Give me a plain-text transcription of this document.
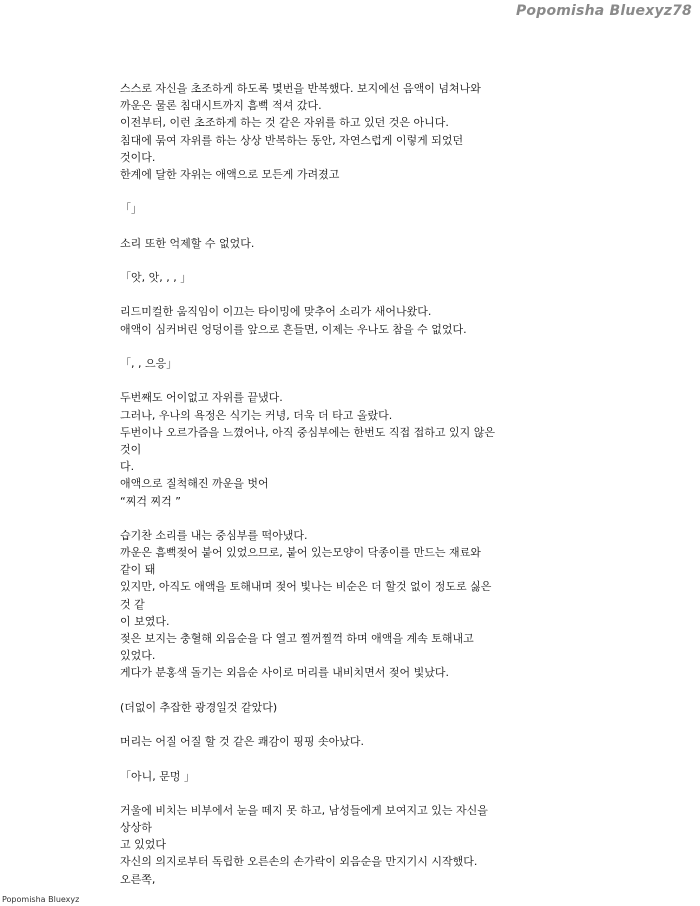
Popomisha Bluexyz78
스스로 자신을 초조하게 하도록 몇번을 반복했다. 보지에선 음액이 넘쳐나와
까운은 물론 침대시트까지 흠뻑 적셔 갔다.
이전부터, 이런 초조하게 하는 것 같은 자위를 하고 있던 것은 아니다.
침대에 묶여 자위를 하는 상상 반복하는 동안, 자연스럽게 이렇게 되었던
것이다.
한계에 달한 자위는 애액으로 모든게 가려졌고
「」
소리 또한 억제할 수 없었다.
「앗, 앗, , , 」
리드미컬한 움직임이 이끄는 타이밍에 맞추어 소리가 새어나왔다.
애액이 심커버린 엉덩이를 앞으로 흔들면, 이제는 우나도 참을 수 없었다.
「, , 으응」
두번째도 어이없고 자위를 끝냈다.
그러나, 우나의 욕정은 식기는 커녕, 더욱 더 타고 올랐다.
두번이나 오르가즘을 느꼈어나, 아직 중심부에는 한번도 직접 접하고 있지 않은
것이
다.
애액으로 질척해진 까운을 벗어
“찌걱 찌걱 ”
습기찬 소리를 내는 중심부를 떡아냈다.
까운은 흠뻑젖어 붙어 있었으므로, 붙어 있는모양이 닥종이를 만드는 재료와
같이 돼
있지만, 아직도 애액을 토해내며 젖어 빛나는 비순은 더 할것 없이 정도로 싫은
것 같
이 보였다.
젖은 보지는 충혈해 외음순을 다 열고 찔꺼찔꺽 하며 애액을 계속 토해내고
있었다.
게다가 분홍색 돌기는 외음순 사이로 머리를 내비치면서 젖어 빛났다.
(더없이 추잡한 광경일것 같았다)
머리는 어질 어질 할 것 같은 쾌감이 핑핑 솟아났다.
「아니, 문멍 」
거울에 비치는 비부에서 눈을 떼지 못 하고, 남성들에게 보여지고 있는 자신을
상상하
고 있었다
자신의 의지로부터 독립한 오른손의 손가락이 외음순을 만지기시 시작했다.
오른쪽,
Popomisha Bluexyz
